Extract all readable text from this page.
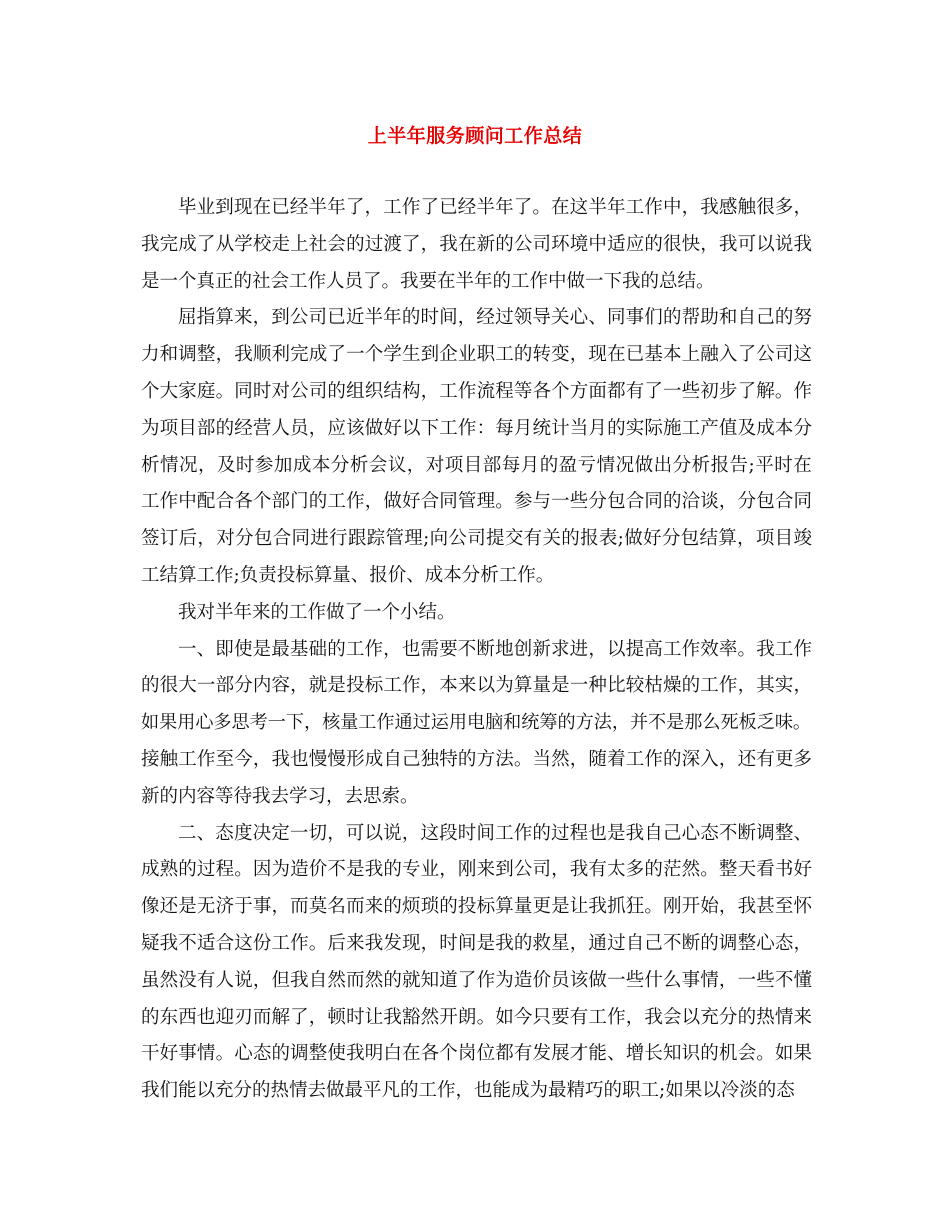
上半年服务顾问工作总结
毕业到现在已经半年了，工作了已经半年了。在这半年工作中，我感触很多，
我完成了从学校走上社会的过渡了，我在新的公司环境中适应的很快，我可以说我
是一个真正的社会工作人员了。我要在半年的工作中做一下我的总结。
屈指算来，到公司已近半年的时间，经过领导关心、同事们的帮助和自己的努
力和调整，我顺利完成了一个学生到企业职工的转变，现在已基本上融入了公司这
个大家庭。同时对公司的组织结构，工作流程等各个方面都有了一些初步了解。作
为项目部的经营人员，应该做好以下工作：每月统计当月的实际施工产值及成本分
析情况，及时参加成本分析会议，对项目部每月的盈亏情况做出分析报告;平时在
工作中配合各个部门的工作，做好合同管理。参与一些分包合同的洽谈，分包合同
签订后，对分包合同进行跟踪管理;向公司提交有关的报表;做好分包结算，项目竣
工结算工作;负责投标算量、报价、成本分析工作。
我对半年来的工作做了一个小结。
一、即使是最基础的工作，也需要不断地创新求进，以提高工作效率。我工作
的很大一部分内容，就是投标工作，本来以为算量是一种比较枯燥的工作，其实，
如果用心多思考一下，核量工作通过运用电脑和统筹的方法，并不是那么死板乏味。
接触工作至今，我也慢慢形成自己独特的方法。当然，随着工作的深入，还有更多
新的内容等待我去学习，去思索。
二、态度决定一切，可以说，这段时间工作的过程也是我自己心态不断调整、
成熟的过程。因为造价不是我的专业，刚来到公司，我有太多的茫然。整天看书好
像还是无济于事，而莫名而来的烦琐的投标算量更是让我抓狂。刚开始，我甚至怀
疑我不适合这份工作。后来我发现，时间是我的救星，通过自己不断的调整心态，
虽然没有人说，但我自然而然的就知道了作为造价员该做一些什么事情，一些不懂
的东西也迎刃而解了，顿时让我豁然开朗。如今只要有工作，我会以充分的热情来
干好事情。心态的调整使我明白在各个岗位都有发展才能、增长知识的机会。如果
我们能以充分的热情去做最平凡的工作，也能成为最精巧的职工;如果以冷淡的态
